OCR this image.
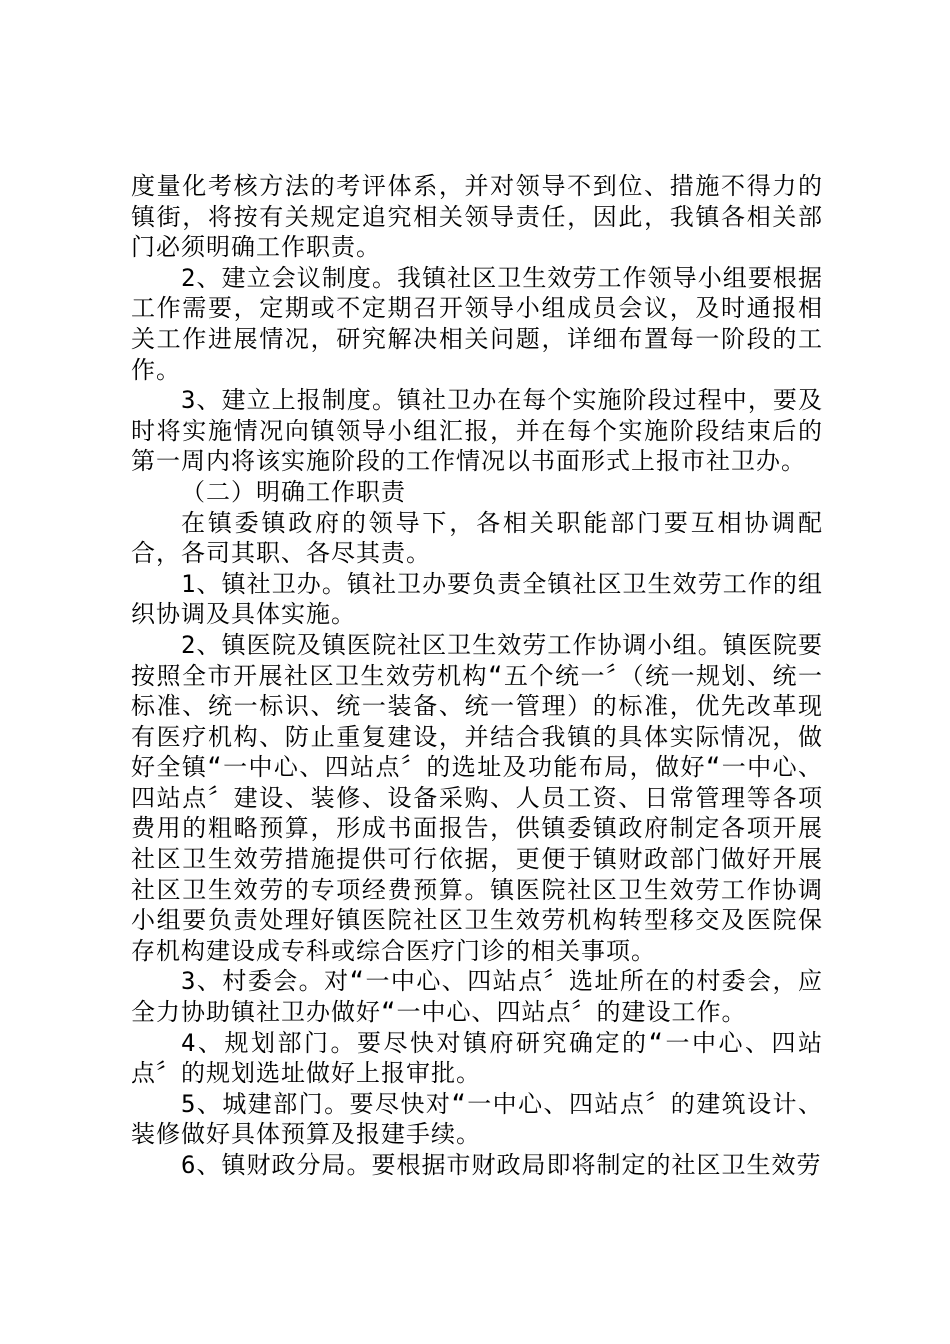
度量化考核方法的考评体系，并对领导不到位、措施不得力的镇街，将按有关规定追究相关领导责任，因此，我镇各相关部门必须明确工作职责。

2、建立会议制度。我镇社区卫生效劳工作领导小组要根据工作需要，定期或不定期召开领导小组成员会议，及时通报相关工作进展情况，研究解决相关问题，详细布置每一阶段的工作。

3、建立上报制度。镇社卫办在每个实施阶段过程中，要及时将实施情况向镇领导小组汇报，并在每个实施阶段结束后的第一周内将该实施阶段的工作情况以书面形式上报市社卫办。

（二）明确工作职责

在镇委镇政府的领导下，各相关职能部门要互相协调配合，各司其职、各尽其责。

1、镇社卫办。镇社卫办要负责全镇社区卫生效劳工作的组织协调及具体实施。

2、镇医院及镇医院社区卫生效劳工作协调小组。镇医院要按照全市开展社区卫生效劳机构“五个统一〞（统一规划、统一标准、统一标识、统一装备、统一管理）的标准，优先改革现有医疗机构、防止重复建设，并结合我镇的具体实际情况，做好全镇“一中心、四站点〞的选址及功能布局，做好“一中心、四站点〞建设、装修、设备采购、人员工资、日常管理等各项费用的粗略预算，形成书面报告，供镇委镇政府制定各项开展社区卫生效劳措施提供可行依据，更便于镇财政部门做好开展社区卫生效劳的专项经费预算。镇医院社区卫生效劳工作协调小组要负责处理好镇医院社区卫生效劳机构转型移交及医院保存机构建设成专科或综合医疗门诊的相关事项。

3、村委会。对“一中心、四站点〞选址所在的村委会，应全力协助镇社卫办做好“一中心、四站点〞的建设工作。

4、规划部门。要尽快对镇府研究确定的“一中心、四站点〞的规划选址做好上报审批。

5、城建部门。要尽快对“一中心、四站点〞的建筑设计、装修做好具体预算及报建手续。

6、镇财政分局。要根据市财政局即将制定的社区卫生效劳
